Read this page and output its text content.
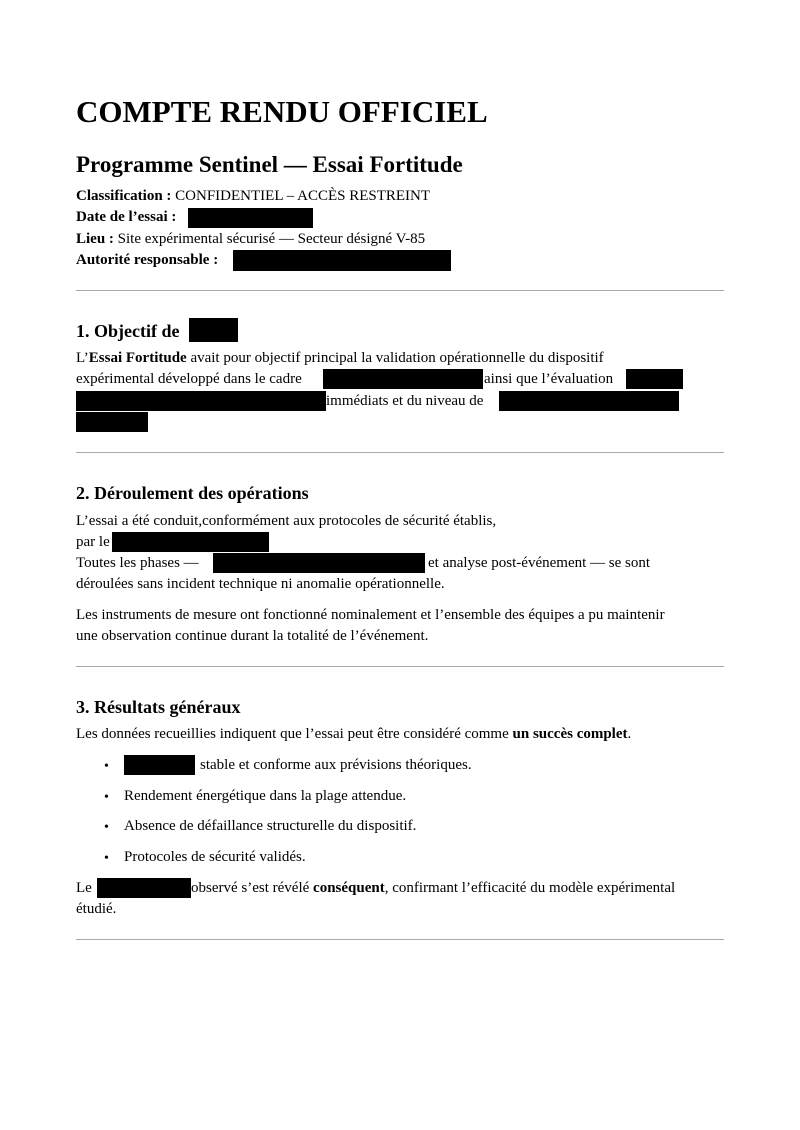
COMPTE RENDU OFFICIEL
Programme Sentinel — Essai Fortitude
Classification : CONFIDENTIEL – ACCÈS RESTREINT
Date de l’essai :
Lieu : Site expérimental sécurisé — Secteur désigné V-85
Autorité responsable :
1. Objectif de
L’Essai Fortitude avait pour objectif principal la validation opérationnelle du dispositif
expérimental développé dans le cadre	ainsi que l’évaluation
immédiats et du niveau de
2. Déroulement des opérations
L’essai a été conduit,conformément aux protocoles de sécurité établis,
par le
Toutes les phases —	et analyse post-événement — se sont
déroulées sans incident technique ni anomalie opérationnelle.
Les instruments de mesure ont fonctionné nominalement et l’ensemble des équipes a pu maintenir
une observation continue durant la totalité de l’événement.
3. Résultats généraux
Les données recueillies indiquent que l’essai peut être considéré comme un succès complet.
•	stable et conforme aux prévisions théoriques.
• Rendement énergétique dans la plage attendue.
• Absence de défaillance structurelle du dispositif.
• Protocoles de sécurité validés.
Le	observé s’est révélé conséquent, confirmant l’efficacité du modèle expérimental
étudié.
